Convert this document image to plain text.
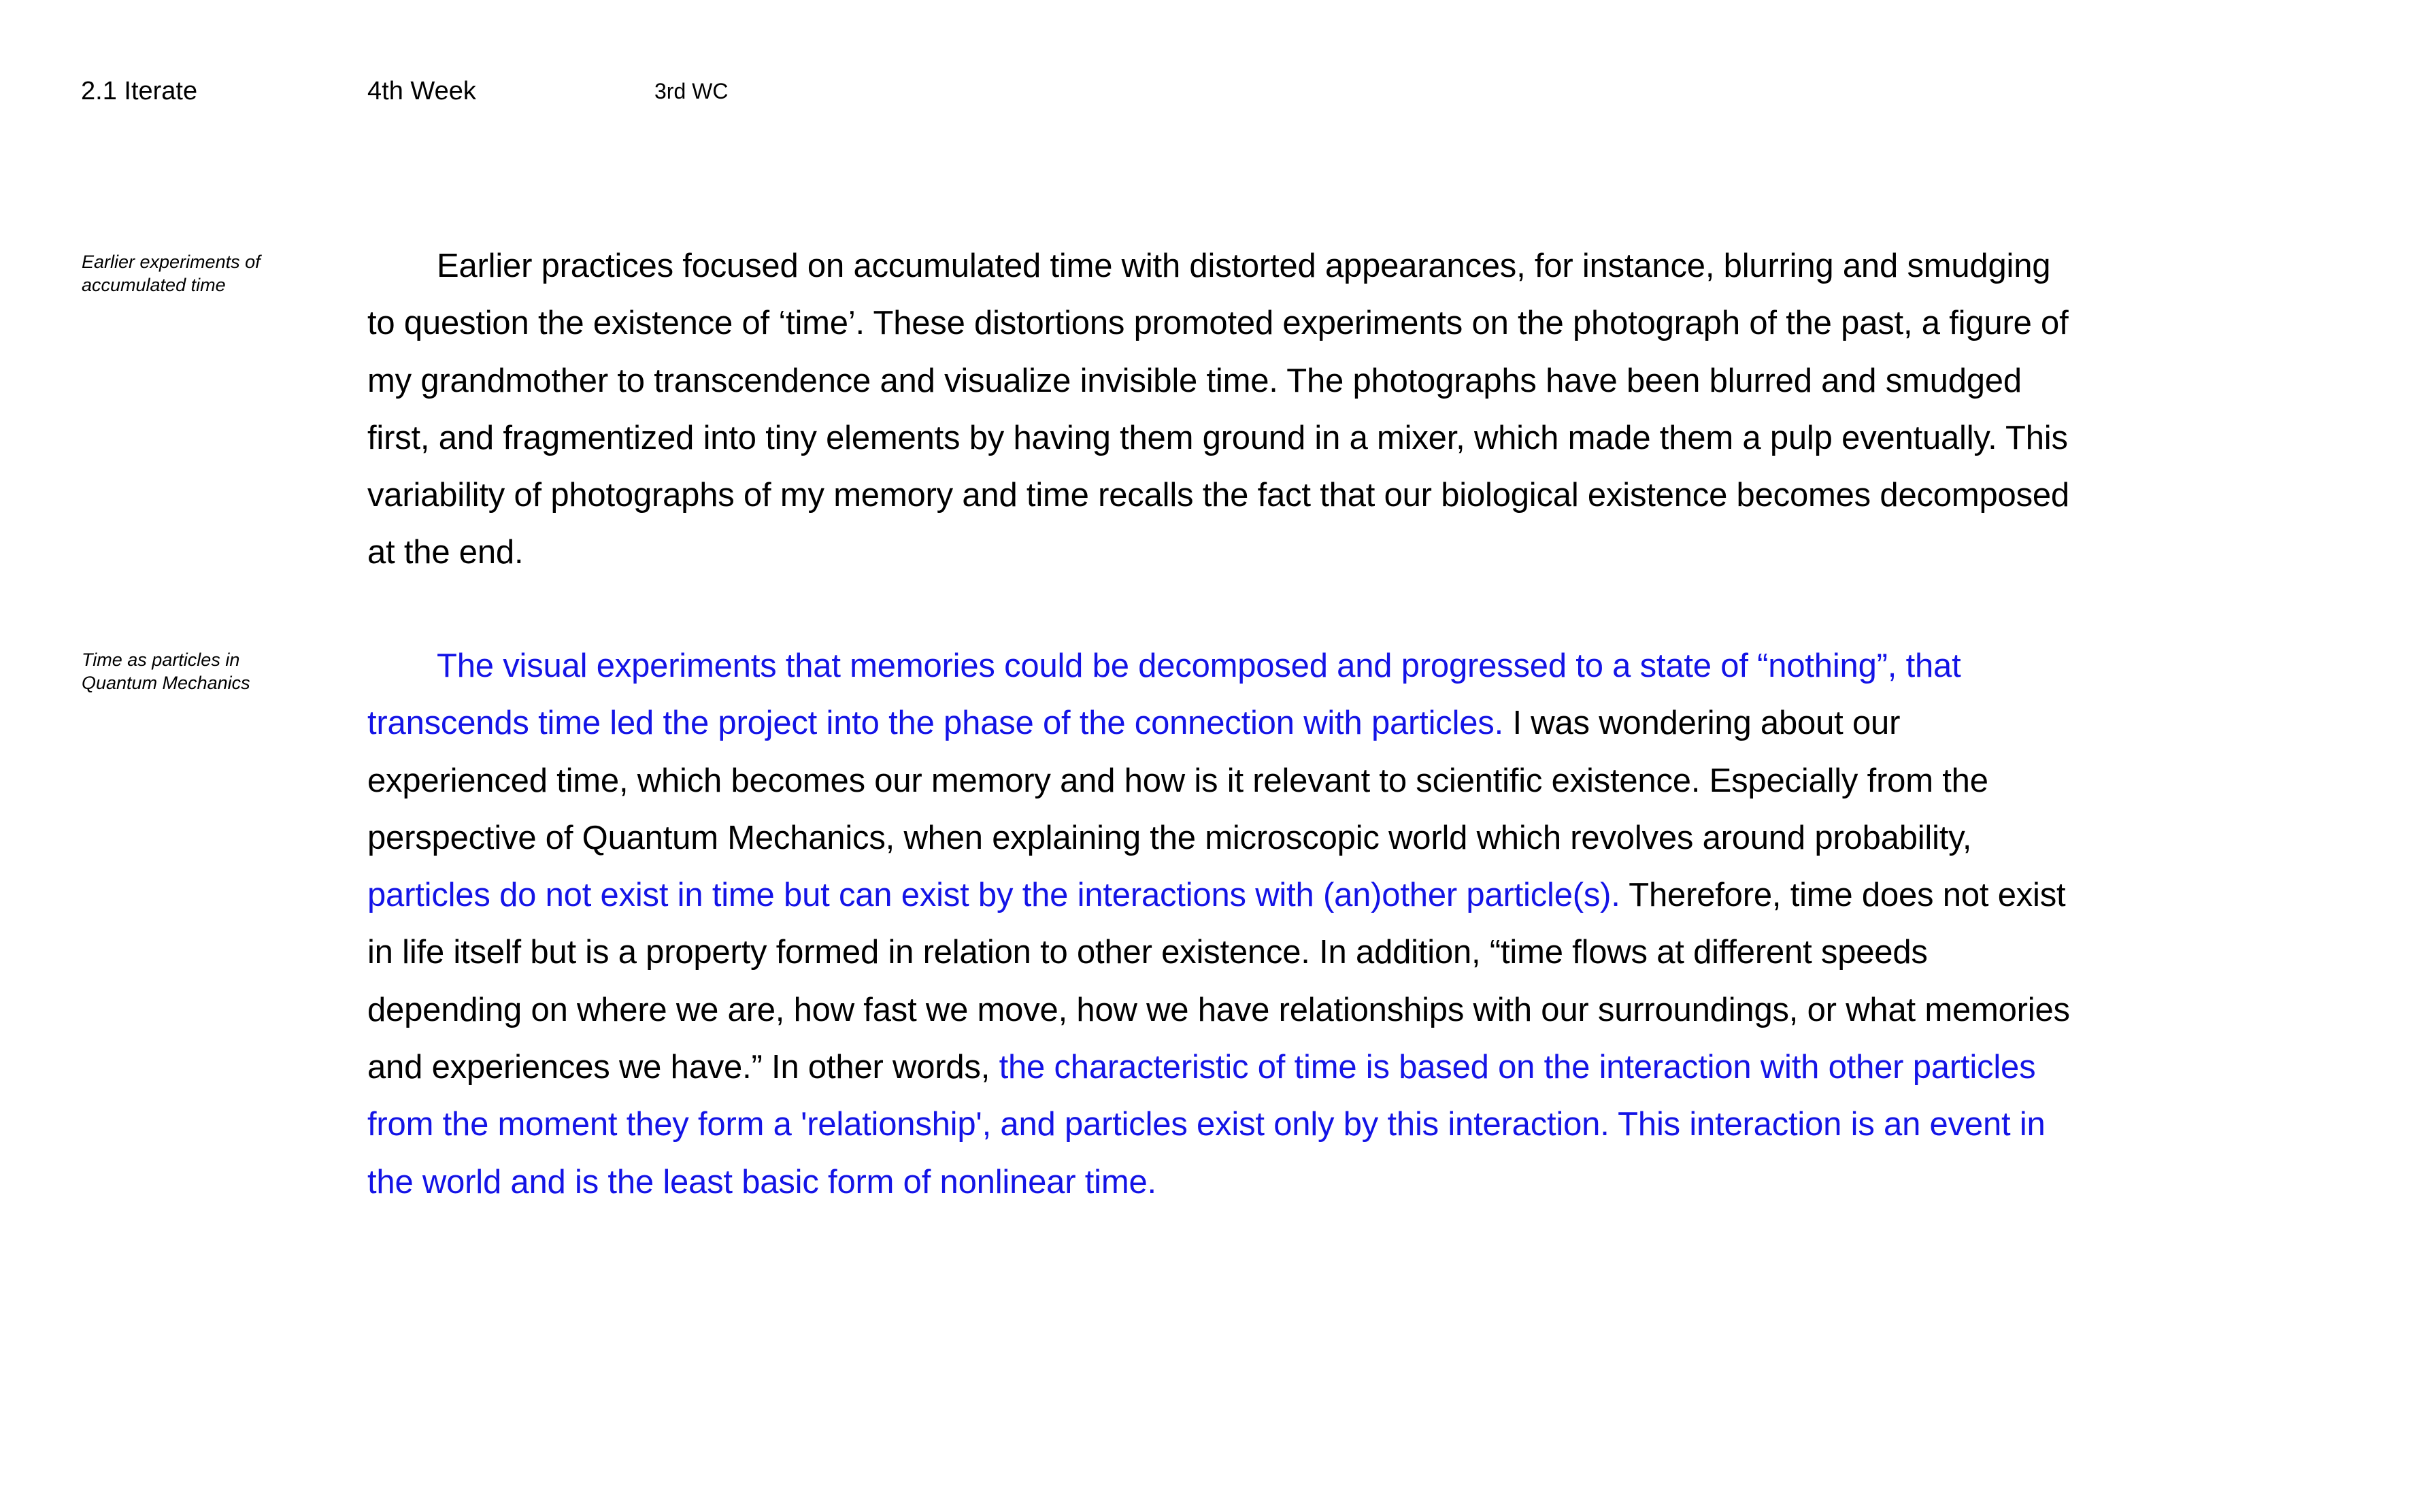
2.1 Iterate	4th Week	3rd WC
Earlier experiments of accumulated time
Time as particles in Quantum Mechanics

Earlier practices focused on accumulated time with distorted appearances, for instance, blurring and smudging to question the existence of ‘time’. These distortions promoted experiments on the photograph of the past, a figure of my grandmother to transcendence and visualize invisible time. The photographs have been blurred and smudged first, and fragmentized into tiny elements by having them ground in a mixer, which made them a pulp eventually. This variability of photographs of my memory and time recalls the fact that our biological existence becomes decomposed at the end.

The visual experiments that memories could be decomposed and progressed to a state of “nothing”, that transcends time led the project into the phase of the connection with particles. I was wondering about our experienced time, which becomes our memory and how is it relevant to scientific existence. Especially from the perspective of Quantum Mechanics, when explaining the microscopic world which revolves around probability, particles do not exist in time but can exist by the interactions with (an)other particle(s). Therefore, time does not exist in life itself but is a property formed in relation to other existence. In addition, “time flows at different speeds depending on where we are, how fast we move, how we have relationships with our surroundings, or what memories and experiences we have.” In other words, the characteristic of time is based on the interaction with other particles from the moment they form a 'relationship', and particles exist only by this interaction. This interaction is an event in the world and is the least basic form of nonlinear time.
